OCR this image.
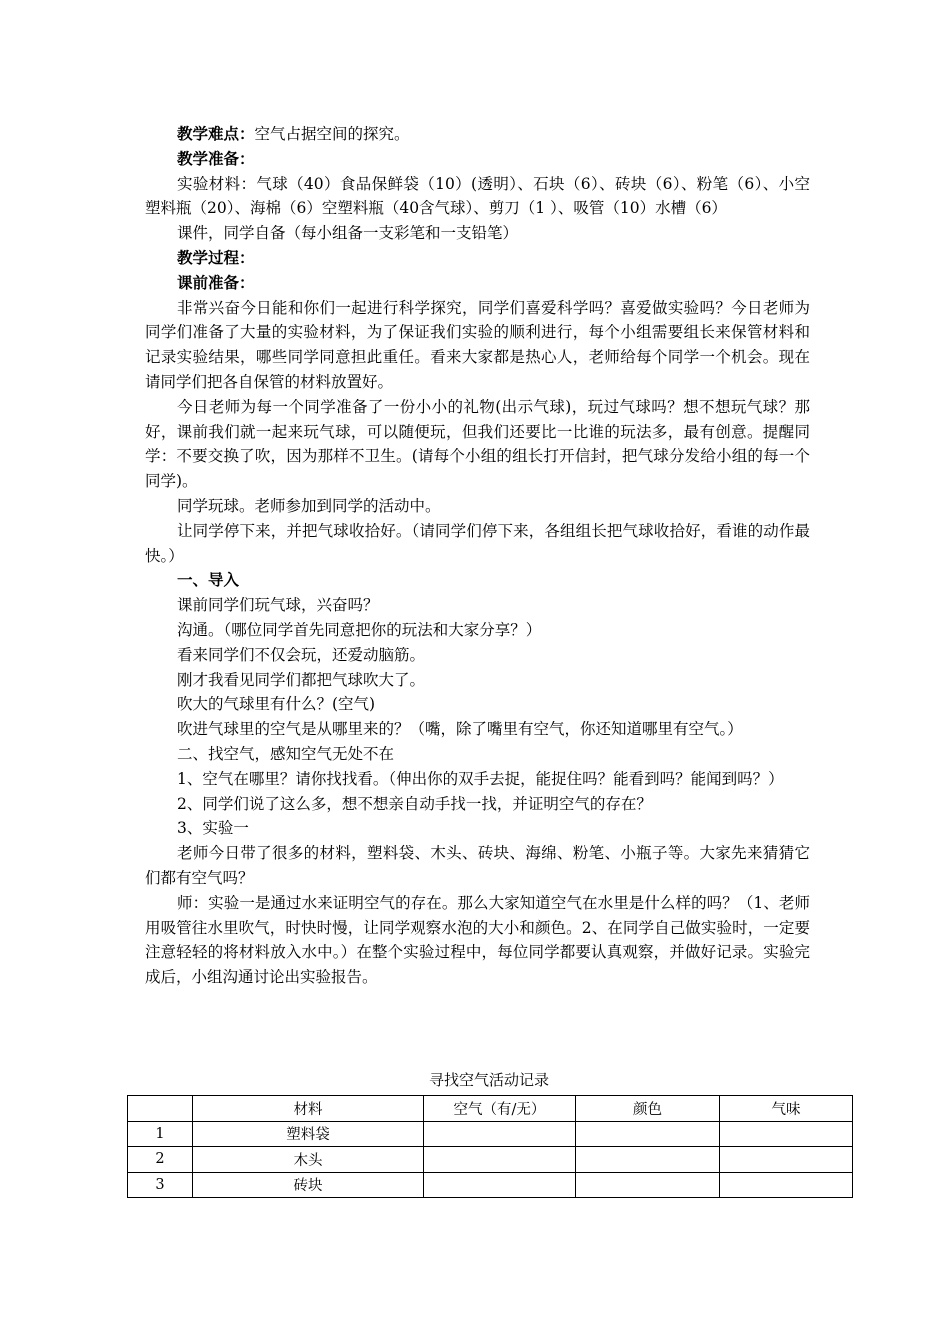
教学难点：空气占据空间的探究。
教学准备：
实验材料：气球（40）食品保鲜袋（10）(透明）、石块（6）、砖块（6）、粉笔（6）、小空塑料瓶（20）、海棉（6）空塑料瓶（40含气球）、剪刀（1 ）、吸管（10）水槽（6）
课件，同学自备（每小组备一支彩笔和一支铅笔）
教学过程：
课前准备：
非常兴奋今日能和你们一起进行科学探究，同学们喜爱科学吗？喜爱做实验吗？今日老师为同学们准备了大量的实验材料，为了保证我们实验的顺利进行，每个小组需要组长来保管材料和记录实验结果，哪些同学同意担此重任。看来大家都是热心人，老师给每个同学一个机会。现在请同学们把各自保管的材料放置好。
今日老师为每一个同学准备了一份小小的礼物(出示气球)，玩过气球吗？想不想玩气球？那好，课前我们就一起来玩气球，可以随便玩，但我们还要比一比谁的玩法多，最有创意。提醒同学：不要交换了吹，因为那样不卫生。(请每个小组的组长打开信封，把气球分发给小组的每一个同学)。
同学玩球。老师参加到同学的活动中。
让同学停下来，并把气球收拾好。（请同学们停下来，各组组长把气球收拾好，看谁的动作最快。）
一、导入
课前同学们玩气球，兴奋吗？
沟通。（哪位同学首先同意把你的玩法和大家分享？）
看来同学们不仅会玩，还爱动脑筋。
刚才我看见同学们都把气球吹大了。
吹大的气球里有什么？(空气)
吹进气球里的空气是从哪里来的？（嘴，除了嘴里有空气，你还知道哪里有空气。）
二、找空气，感知空气无处不在
1、空气在哪里？请你找找看。（伸出你的双手去捉，能捉住吗？能看到吗？能闻到吗？）
2、同学们说了这么多，想不想亲自动手找一找，并证明空气的存在？
3、实验一
老师今日带了很多的材料，塑料袋、木头、砖块、海绵、粉笔、小瓶子等。大家先来猜猜它们都有空气吗？
师：实验一是通过水来证明空气的存在。那么大家知道空气在水里是什么样的吗？（1、老师用吸管往水里吹气，时快时慢，让同学观察水泡的大小和颜色。2、在同学自己做实验时，一定要注意轻轻的将材料放入水中。）在整个实验过程中，每位同学都要认真观察，并做好记录。实验完成后，小组沟通讨论出实验报告。
寻找空气活动记录
	材料	空气（有/无）	颜色	气味
1	塑料袋			
2	木头			
3	砖块			
